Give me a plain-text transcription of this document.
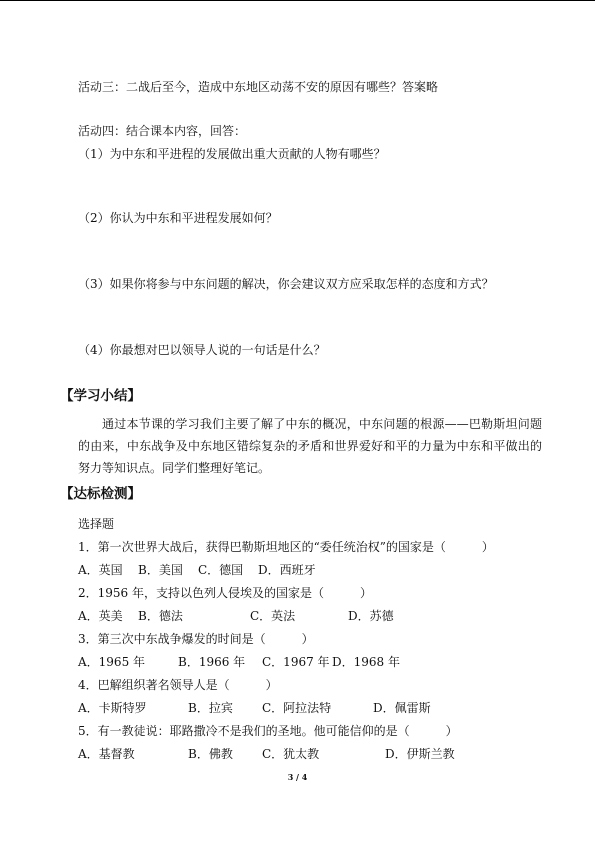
活动三：二战后至今，造成中东地区动荡不安的原因有哪些？答案略
活动四：结合课本内容，回答：
（1）为中东和平进程的发展做出重大贡献的人物有哪些？
（2）你认为中东和平进程发展如何？
（3）如果你将参与中东问题的解决，你会建议双方应采取怎样的态度和方式？
（4）你最想对巴以领导人说的一句话是什么？
【学习小结】
通过本节课的学习我们主要了解了中东的概况，中东问题的根源——巴勒斯坦问题的由来，中东战争及中东地区错综复杂的矛盾和世界爱好和平的力量为中东和平做出的努力等知识点。同学们整理好笔记。
【达标检测】
选择题
1．第一次世界大战后，获得巴勒斯坦地区的“委任统治权”的国家是（　　　）
A．英国 B．美国 C．德国 D．西班牙
2．1956 年，支持以色列人侵埃及的国家是（　　　）
A．英美 B．德法	C．英法	D．苏德
3．第三次中东战争爆发的时间是（　　　）
A．1965 年	B．1966 年 C．1967 年 D．1968 年
4．巴解组织著名领导人是（　　　）
A．卡斯特罗	B．拉宾 C．阿拉法特	D．佩雷斯
5．有一教徒说：耶路撒冷不是我们的圣地。他可能信仰的是（　　　）
A．基督教	B．佛教 C．犹太教	D．伊斯兰教
3 / 4
